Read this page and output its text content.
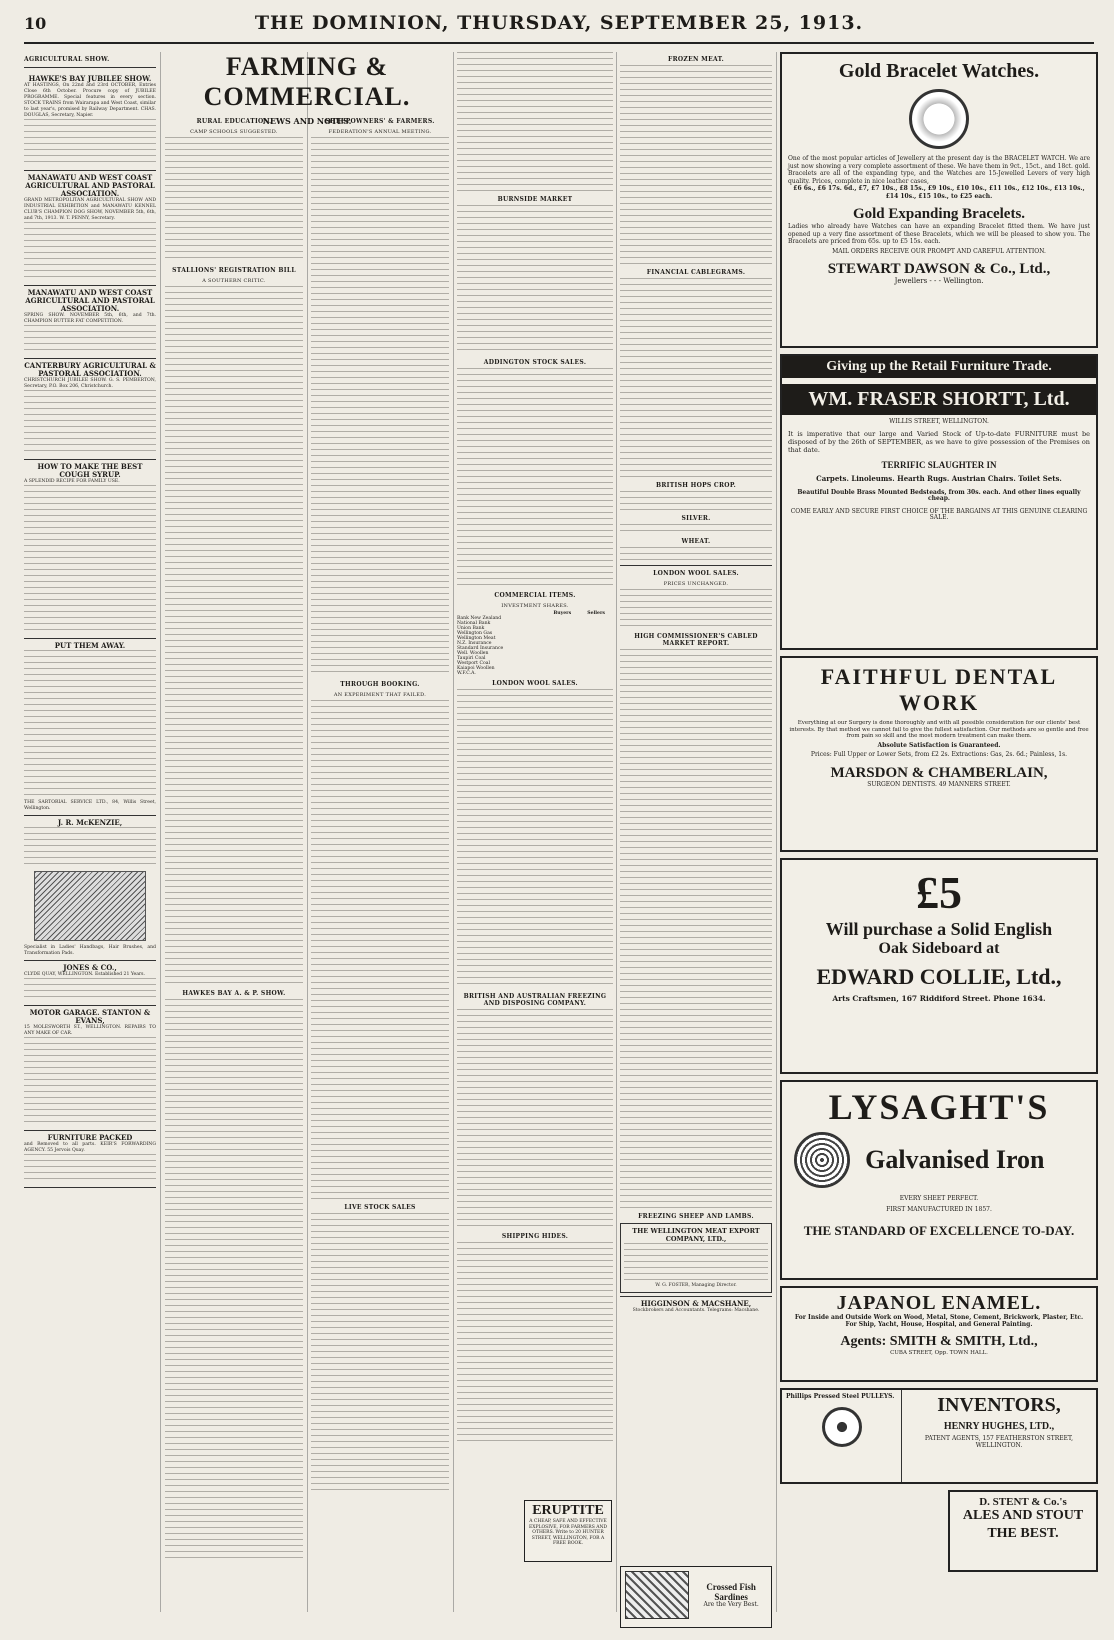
10	THE DOMINION, THURSDAY, SEPTEMBER 25, 1913.
AGRICULTURAL SHOW.
HAWKE'S BAY JUBILEE SHOW.

AT HASTINGS, On 22nd and 23rd OCTOBER, Entries Close 6th October. Procure copy of JUBILEE PROGRAMME. Special features in every section. STOCK TRAINS from Wairarapa and West Coast, similar to last year's, promised by Railway Department. CHAS. DOUGLAS, Secretary, Napier.

MANAWATU AND WEST COAST AGRICULTURAL AND PASTORAL ASSOCIATION.

GRAND METROPOLITAN AGRICULTURAL SHOW AND INDUSTRIAL EXHIBITION and MANAWATU KENNEL CLUB'S CHAMPION DOG SHOW, NOVEMBER 5th, 6th, and 7th, 1913. W. T. PENNY, Secretary.

MANAWATU AND WEST COAST AGRICULTURAL AND PASTORAL ASSOCIATION.

SPRING SHOW. NOVEMBER 5th, 6th, and 7th. CHAMPION BUTTER FAT COMPETITION.

CANTERBURY AGRICULTURAL & PASTORAL ASSOCIATION.

CHRISTCHURCH JUBILEE SHOW. G. S. PEMBERTON, Secretary, P.O. Box 206, Christchurch.

HOW TO MAKE THE BEST COUGH SYRUP.

A SPLENDID RECIPE FOR FAMILY USE.

PUT THEM AWAY.

THE SARTORIAL SERVICE LTD., 84, Willis Street, Wellington.

J. R. McKENZIE,

Specialist in Ladies' Handbags, Hair Brushes, and Transformation Pads.

JONES & CO.,

CLYDE QUAY, WELLINGTON. Established 21 Years.

MOTOR GARAGE. STANTON & EVANS,

15 MOLESWORTH ST., WELLINGTON. REPAIRS TO ANY MAKE OF CAR.

FURNITURE PACKED

and Removed to all parts. KEIR'S FORWARDING AGENCY. 55 Jervois Quay.

FARMING & COMMERCIAL.
NEWS AND NOTES.
RURAL EDUCATION.
CAMP SCHOOLS SUGGESTED.
STALLIONS' REGISTRATION BILL
A SOUTHERN CRITIC.
HAWKES BAY A. & P. SHOW.
SHEEPOWNERS' & FARMERS.
FEDERATION'S ANNUAL MEETING.
THROUGH BOOKING.
AN EXPERIMENT THAT FAILED.
LIVE STOCK SALES
BURNSIDE MARKET
ADDINGTON STOCK SALES.
COMMERCIAL ITEMS.
INVESTMENT SHARES.
	Buyers	Sellers
Bank New Zealand		
National Bank		
Union Bank		
Wellington Gas		
Wellington Meat		
N.Z. Insurance		
Standard Insurance		
Well. Woollen		
Taupiri Coal		
Westport Coal		
Kaiapoi Woollen		
W.F.C.A.		
LONDON WOOL SALES.
BRITISH AND AUSTRALIAN FREEZING AND DISPOSING COMPANY.
SHIPPING HIDES.
FROZEN MEAT.
FINANCIAL CABLEGRAMS.
BRITISH HOPS CROP.
SILVER.
WHEAT.
LONDON WOOL SALES.
PRICES UNCHANGED.
HIGH COMMISSIONER'S CABLED MARKET REPORT.
FREEZING SHEEP AND LAMBS.
THE WELLINGTON MEAT EXPORT COMPANY, LTD.,
W. G. FOSTER, Managing Director.
HIGGINSON & MACSHANE,
Stockbrokers and Accountants. Telegrams: Macshane.
Gold Bracelet Watches.
One of the most popular articles of Jewellery at the present day is the BRACELET WATCH. We are just now showing a very complete assortment of these. We have them in 9ct., 15ct., and 18ct. gold. Bracelets are all of the expanding type, and the Watches are 15-Jewelled Levers of very high quality. Prices, complete in nice leather cases,
£6 6s., £6 17s. 6d., £7, £7 10s., £8 15s., £9 10s., £10 10s., £11 10s., £12 10s., £13 10s., £14 10s., £15 10s., to £25 each.
Gold Expanding Bracelets.
Ladies who already have Watches can have an expanding Bracelet fitted them. We have just opened up a very fine assortment of these Bracelets, which we will be pleased to show you. The Bracelets are priced from 65s. up to £5 15s. each.
MAIL ORDERS RECEIVE OUR PROMPT AND CAREFUL ATTENTION.
STEWART DAWSON & Co., Ltd.,
Jewellers - - - Wellington.
Giving up the Retail Furniture Trade.
WM. FRASER SHORTT, Ltd.
WILLIS STREET, WELLINGTON.
It is imperative that our large and Varied Stock of Up-to-date FURNITURE must be disposed of by the 26th of SEPTEMBER, as we have to give possession of the Premises on that date.
TERRIFIC SLAUGHTER IN
Carpets. Linoleums. Hearth Rugs. Austrian Chairs. Toilet Sets.
Beautiful Double Brass Mounted Bedsteads, from 30s. each. And other lines equally cheap.
COME EARLY AND SECURE FIRST CHOICE OF THE BARGAINS AT THIS GENUINE CLEARING SALE.
FAITHFUL DENTAL WORK
Everything at our Surgery is done thoroughly and with all possible consideration for our clients' best interests. By that method we cannot fail to give the fullest satisfaction. Our methods are so gentle and free from pain so skill and the most modern treatment can make them.
Absolute Satisfaction is Guaranteed.
Prices: Full Upper or Lower Sets, from £2 2s. Extractions: Gas, 2s. 6d.; Painless, 1s.
MARSDON & CHAMBERLAIN,
SURGEON DENTISTS. 49 MANNERS STREET.
£5
Will purchase a Solid English
Oak Sideboard at
EDWARD COLLIE, Ltd.,
Arts Craftsmen, 167 Riddiford Street. Phone 1634.
LYSAGHT'S
Galvanised Iron
EVERY SHEET PERFECT.
FIRST MANUFACTURED IN 1857.
THE STANDARD OF EXCELLENCE TO-DAY.
JAPANOL ENAMEL.
For Inside and Outside Work on Wood, Metal, Stone, Cement, Brickwork, Plaster, Etc.
For Ship, Yacht, House, Hospital, and General Painting.
Agents: SMITH & SMITH, Ltd.,
CUBA STREET, Opp. TOWN HALL.
ERUPTITE
A CHEAP, SAFE AND EFFECTIVE EXPLOSIVE, FOR FARMERS AND OTHERS. Write to 20 HUNTER STREET, WELLINGTON, FOR A FREE BOOK.
Crossed Fish Sardines
Are the Very Best.
Phillips Pressed Steel PULLEYS.	INVENTORS,
HENRY HUGHES, LTD.,
PATENT AGENTS, 157 FEATHERSTON STREET, WELLINGTON.
D. STENT & Co.'s
ALES AND STOUT
THE BEST.
